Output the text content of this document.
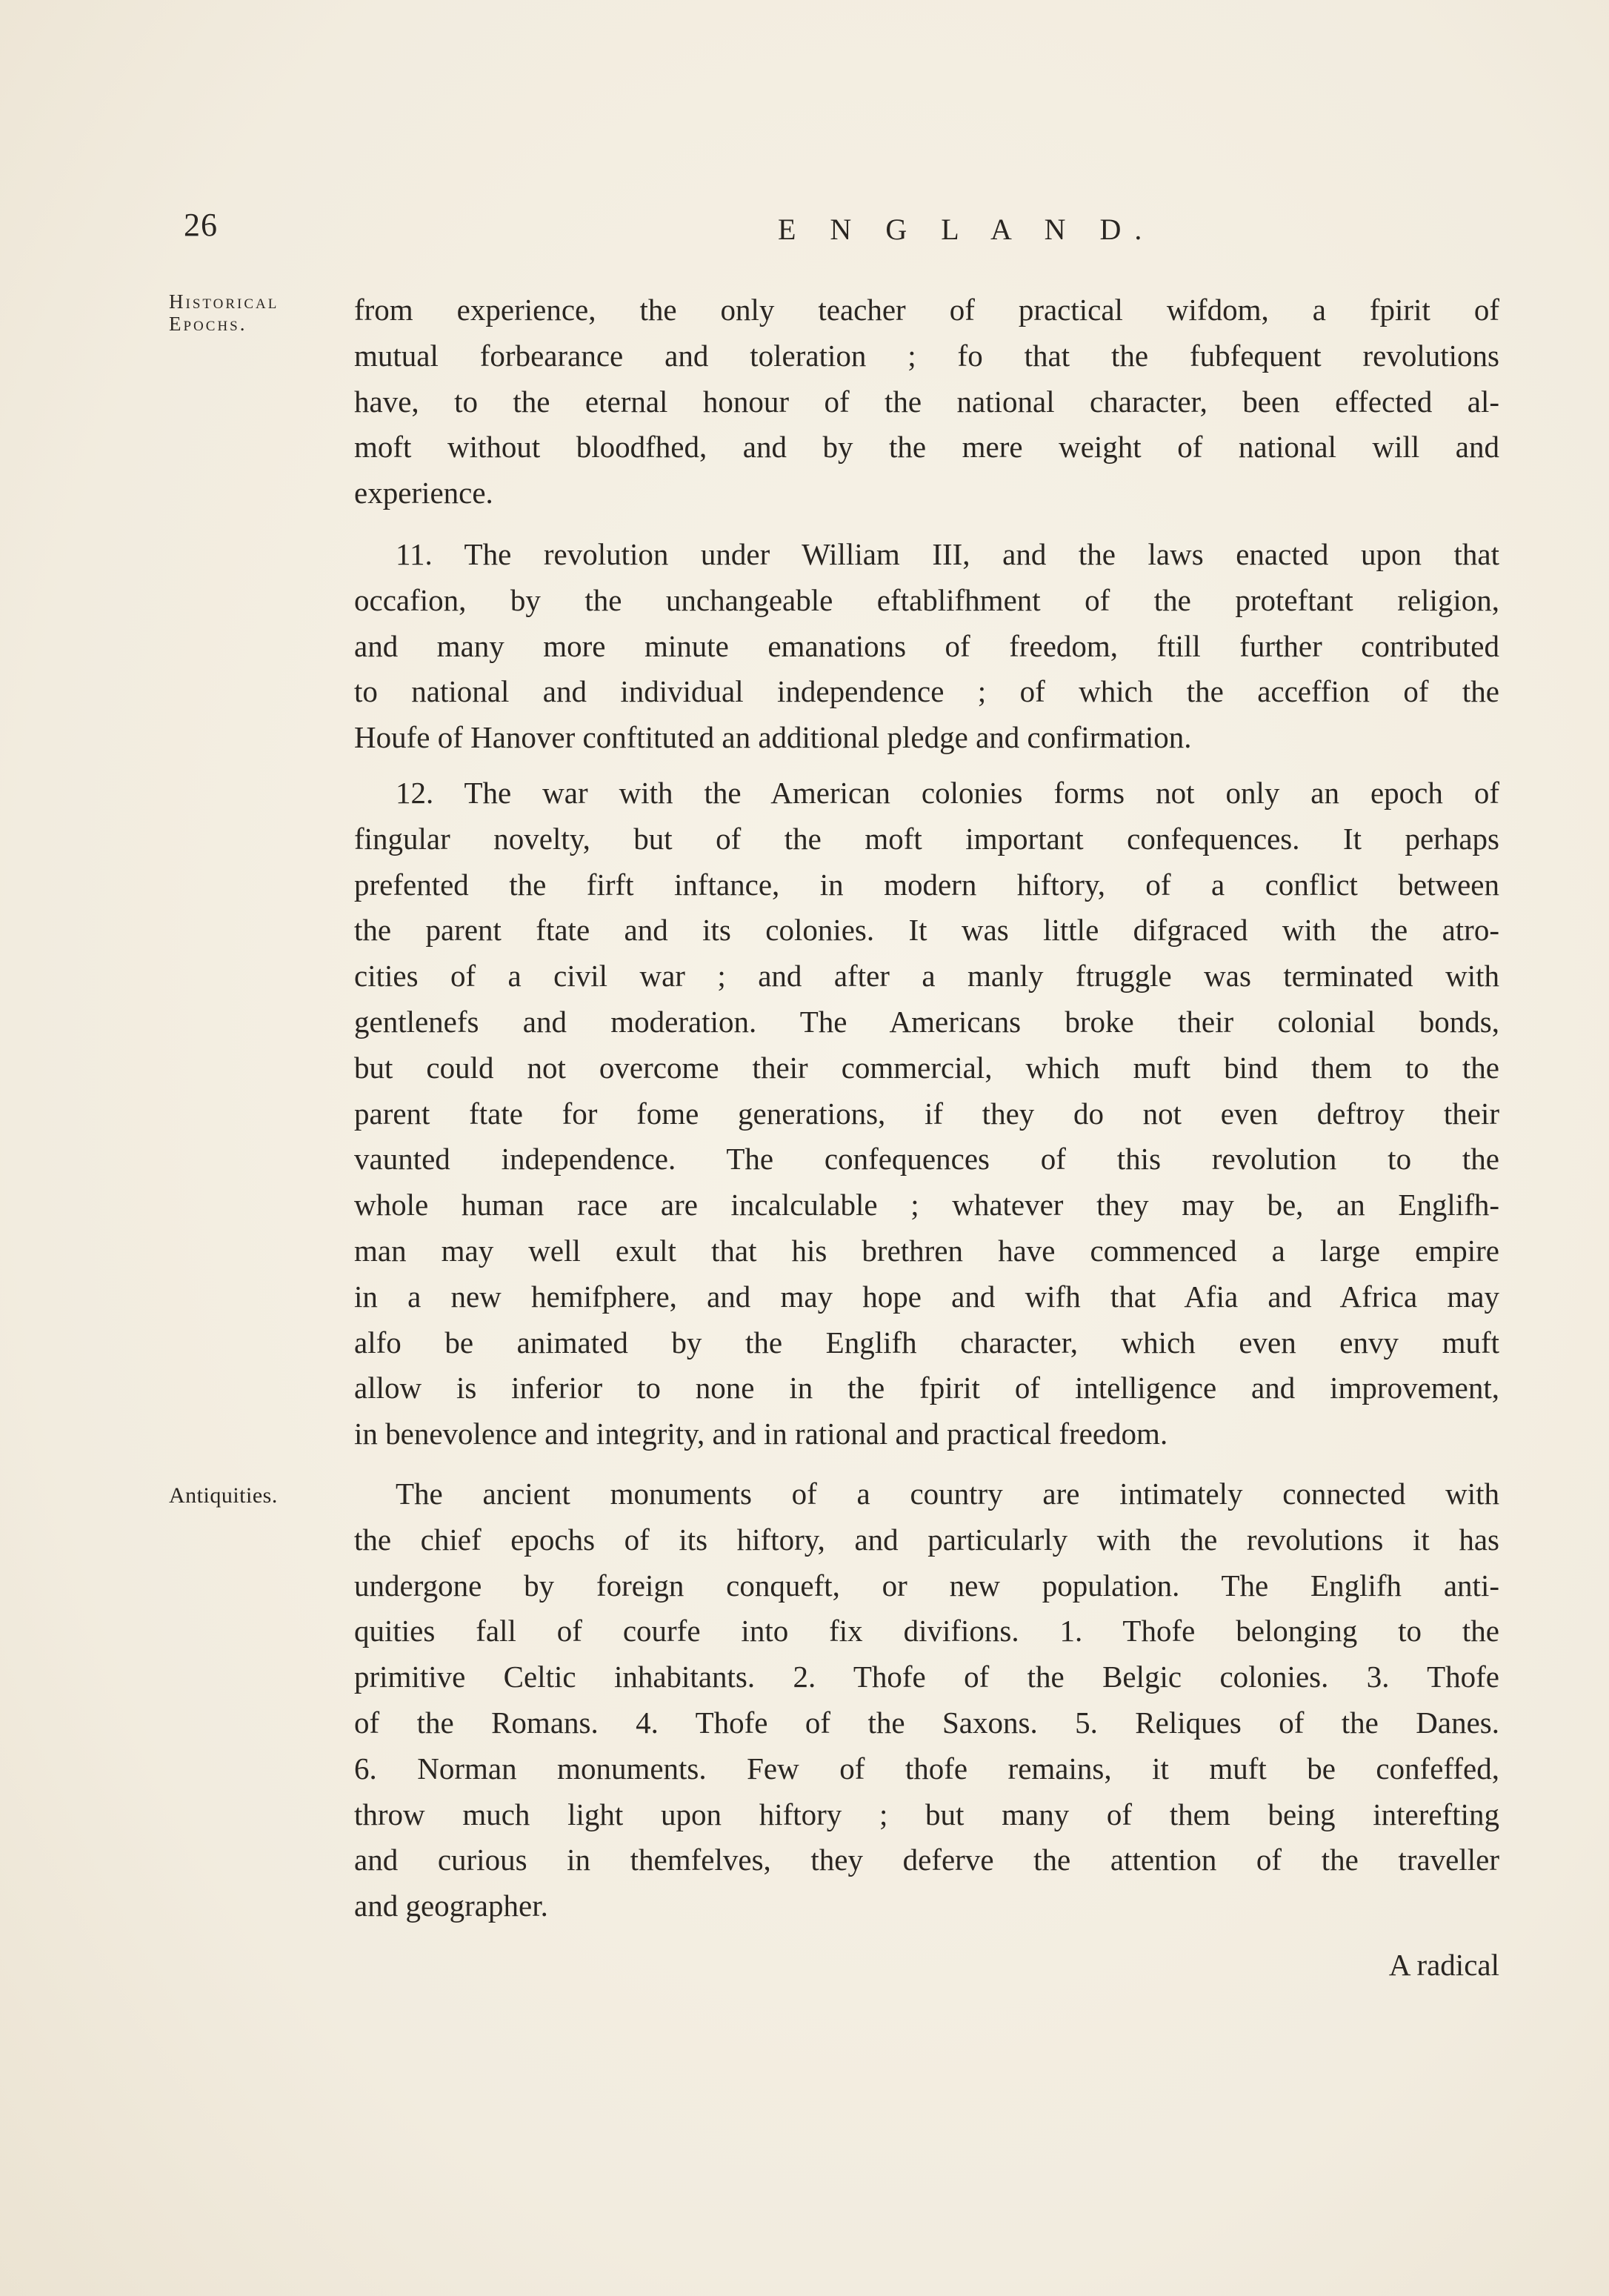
26	E N G L A N D.
Historical
Epochs.
Antiquities.
from experience, the only teacher of practical wifdom, a fpirit of
mutual forbearance and toleration ; fo that the fubfequent revolutions
have, to the eternal honour of the national character, been effected al-
moft without bloodfhed, and by the mere weight of national will and
experience.
11. The revolution under William III, and the laws enacted upon that
occafion, by the unchangeable eftablifhment of the proteftant religion,
and many more minute emanations of freedom, ftill further contributed
to national and individual independence ; of which the acceffion of the
Houfe of Hanover conftituted an additional pledge and confirmation.
12. The war with the American colonies forms not only an epoch of
fingular novelty, but of the moft important confequences. It perhaps
prefented the firft inftance, in modern hiftory, of a conflict between
the parent ftate and its colonies. It was little difgraced with the atro-
cities of a civil war ; and after a manly ftruggle was terminated with
gentlenefs and moderation. The Americans broke their colonial bonds,
but could not overcome their commercial, which muft bind them to the
parent ftate for fome generations, if they do not even deftroy their
vaunted independence. The confequences of this revolution to the
whole human race are incalculable ; whatever they may be, an Englifh-
man may well exult that his brethren have commenced a large empire
in a new hemifphere, and may hope and wifh that Afia and Africa may
alfo be animated by the Englifh character, which even envy muft
allow is inferior to none in the fpirit of intelligence and improvement,
in benevolence and integrity, and in rational and practical freedom.
The ancient monuments of a country are intimately connected with
the chief epochs of its hiftory, and particularly with the revolutions it has
undergone by foreign conqueft, or new population. The Englifh anti-
quities fall of courfe into fix divifions. 1. Thofe belonging to the
primitive Celtic inhabitants. 2. Thofe of the Belgic colonies. 3. Thofe
of the Romans. 4. Thofe of the Saxons. 5. Reliques of the Danes.
6. Norman monuments. Few of thofe remains, it muft be confeffed,
throw much light upon hiftory ; but many of them being interefting
and curious in themfelves, they deferve the attention of the traveller
and geographer.
A radical
